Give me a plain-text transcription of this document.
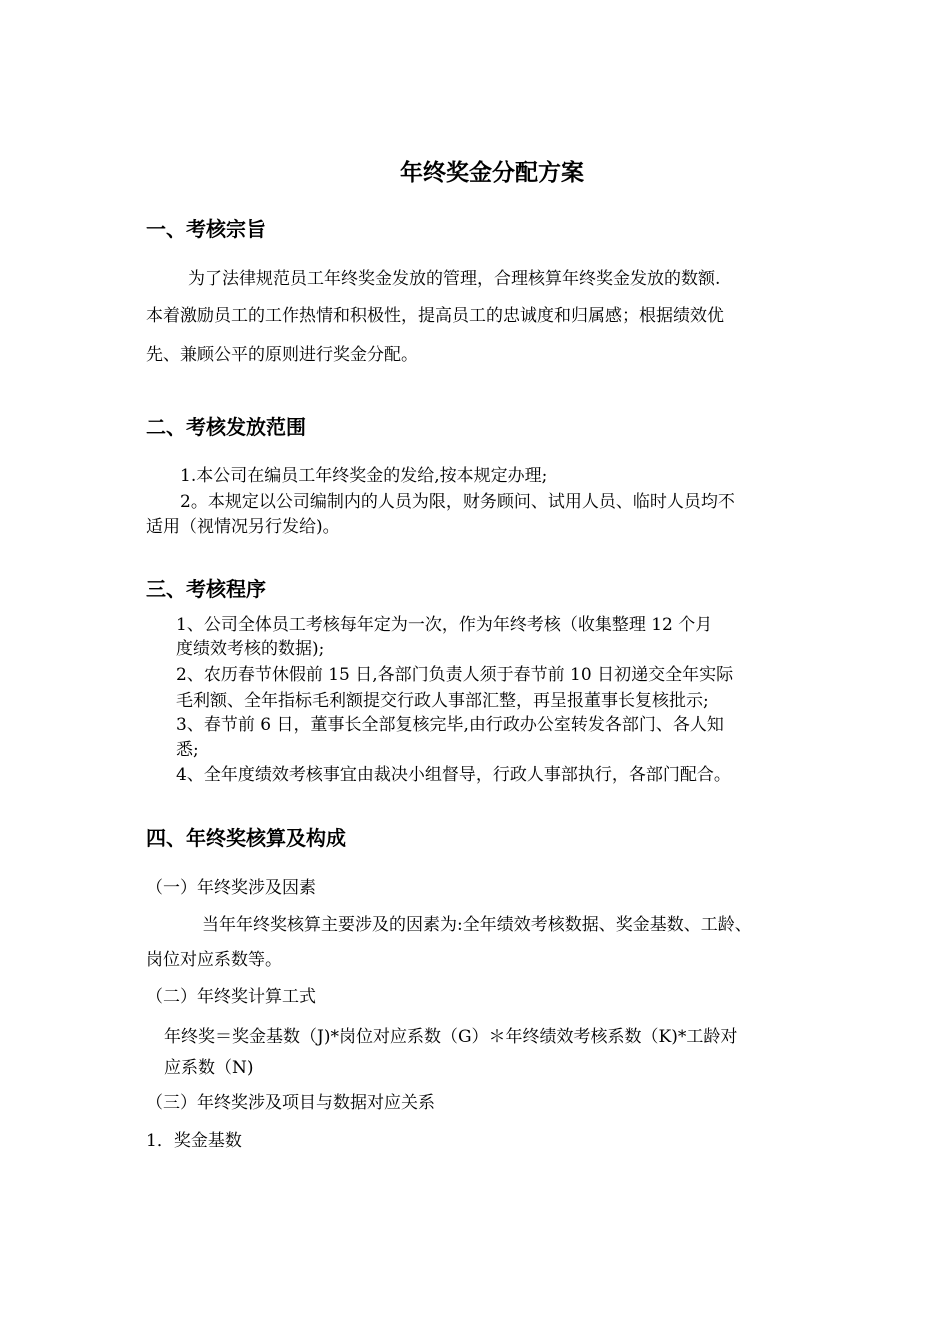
年终奖金分配方案
一、考核宗旨
为了法律规范员工年终奖金发放的管理，合理核算年终奖金发放的数额.
本着激励员工的工作热情和积极性，提高员工的忠诚度和归属感；根据绩效优
先、兼顾公平的原则进行奖金分配。
二、考核发放范围
1.本公司在编员工年终奖金的发给,按本规定办理;
2。本规定以公司编制内的人员为限，财务顾问、试用人员、临时人员均不
适用（视情况另行发给)。
三、考核程序
1、公司全体员工考核每年定为一次，作为年终考核（收集整理 12 个月
度绩效考核的数据);
2、农历春节休假前 15 日,各部门负责人须于春节前 10 日初递交全年实际
毛利额、全年指标毛利额提交行政人事部汇整，再呈报董事长复核批示;
3、春节前 6 日，董事长全部复核完毕,由行政办公室转发各部门、各人知
悉;
4、全年度绩效考核事宜由裁决小组督导，行政人事部执行，各部门配合。
四、年终奖核算及构成
（一）年终奖涉及因素
当年年终奖核算主要涉及的因素为:全年绩效考核数据、奖金基数、工龄、
岗位对应系数等。
（二）年终奖计算工式
年终奖＝奖金基数（J)*岗位对应系数（G）＊年终绩效考核系数（K)*工龄对
应系数（N)
（三）年终奖涉及项目与数据对应关系
1．奖金基数
